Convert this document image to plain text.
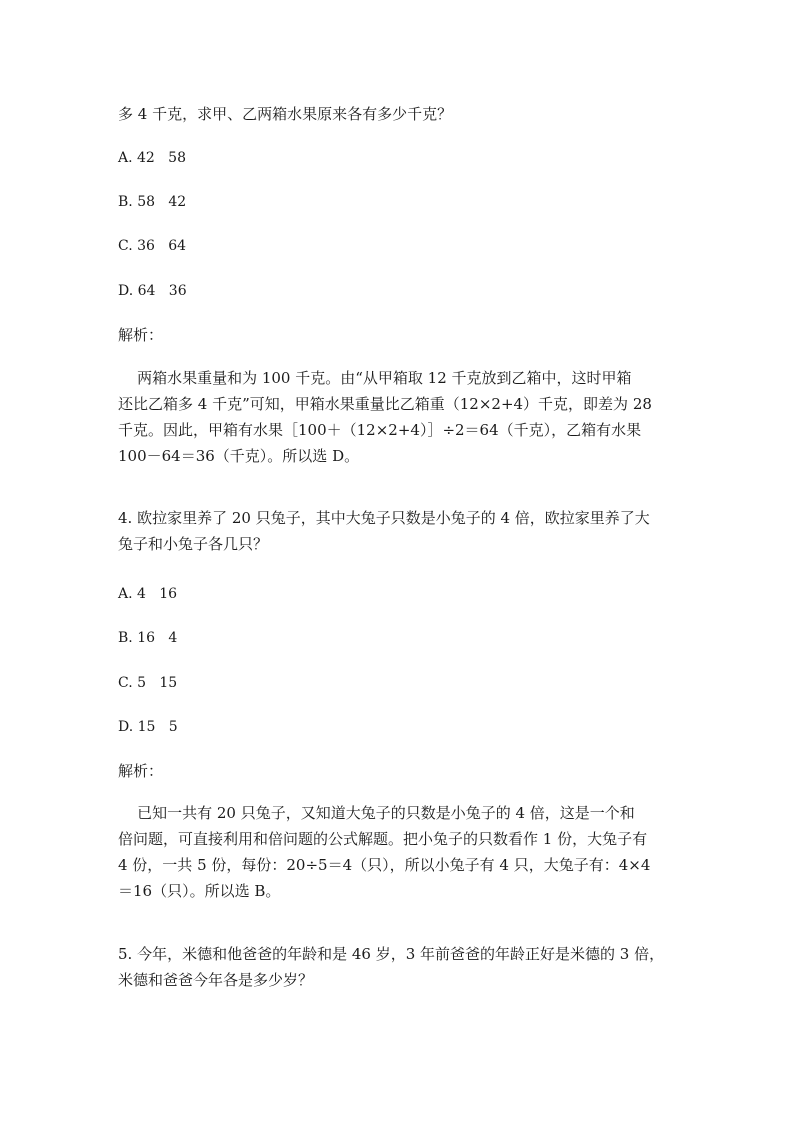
多 4 千克，求甲、乙两箱水果原来各有多少千克？
A. 42   58
B. 58   42
C. 36   64
D. 64   36
解析：
两箱水果重量和为 100 千克。由“从甲箱取 12 千克放到乙箱中，这时甲箱
还比乙箱多 4 千克”可知，甲箱水果重量比乙箱重（12×2+4）千克，即差为 28
千克。因此，甲箱有水果［100＋（12×2+4）］÷2＝64（千克），乙箱有水果
100－64＝36（千克）。所以选 D。
4. 欧拉家里养了 20 只兔子，其中大兔子只数是小兔子的 4 倍，欧拉家里养了大
兔子和小兔子各几只？
A. 4   16
B. 16   4
C. 5   15
D. 15   5
解析：
已知一共有 20 只兔子，又知道大兔子的只数是小兔子的 4 倍，这是一个和
倍问题，可直接利用和倍问题的公式解题。把小兔子的只数看作 1 份，大兔子有
4 份，一共 5 份，每份：20÷5＝4（只），所以小兔子有 4 只，大兔子有：4×4
＝16（只）。所以选 B。
5. 今年，米德和他爸爸的年龄和是 46 岁，3 年前爸爸的年龄正好是米德的 3 倍，
米德和爸爸今年各是多少岁？
